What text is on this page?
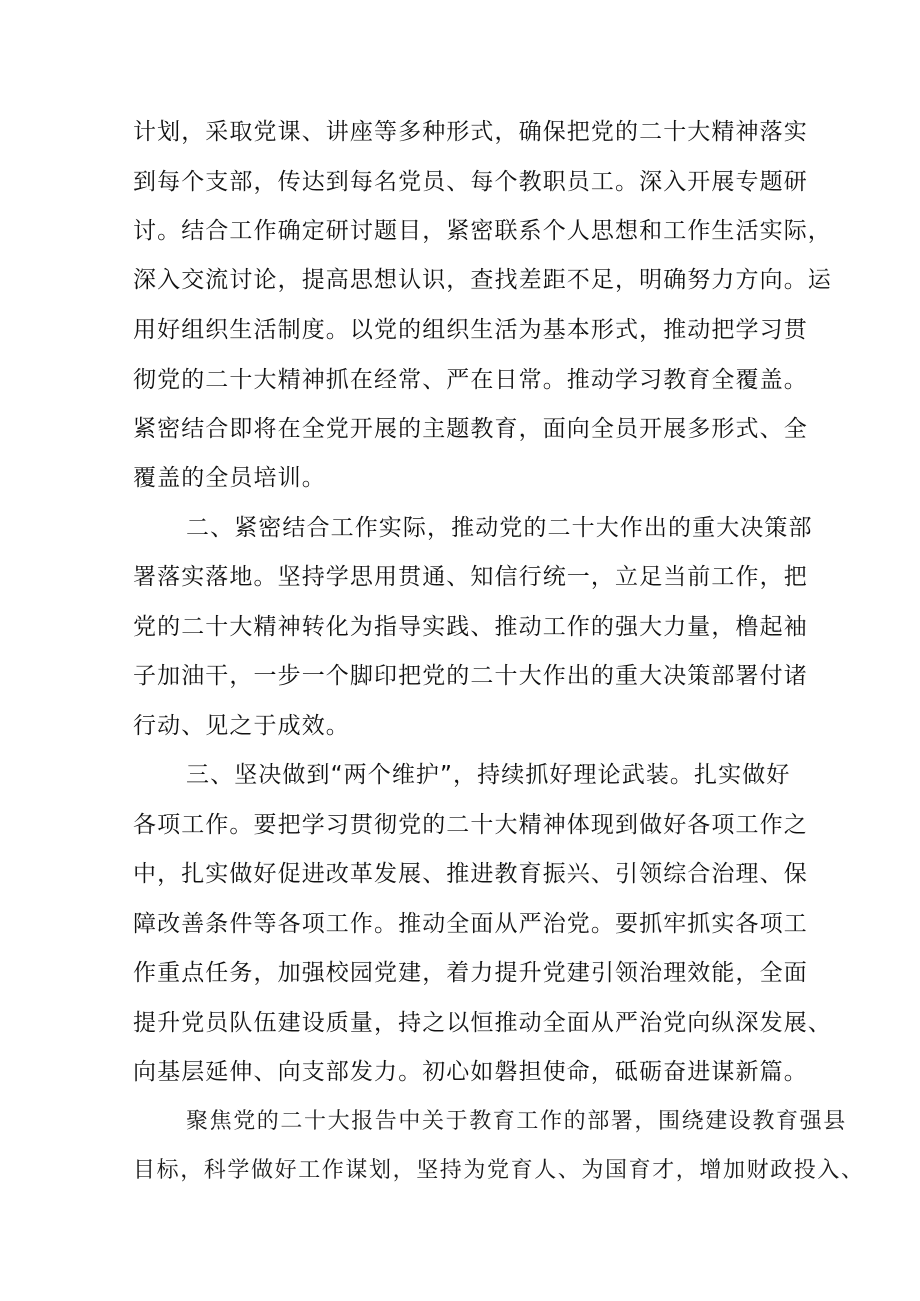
计划，采取党课、讲座等多种形式，确保把党的二十大精神落实

到每个支部，传达到每名党员、每个教职员工。深入开展专题研

讨。结合工作确定研讨题目，紧密联系个人思想和工作生活实际，

深入交流讨论，提高思想认识，查找差距不足，明确努力方向。运

用好组织生活制度。以党的组织生活为基本形式，推动把学习贯

彻党的二十大精神抓在经常、严在日常。推动学习教育全覆盖。

紧密结合即将在全党开展的主题教育，面向全员开展多形式、全

覆盖的全员培训。

二、紧密结合工作实际，推动党的二十大作出的重大决策部

署落实落地。坚持学思用贯通、知信行统一，立足当前工作，把

党的二十大精神转化为指导实践、推动工作的强大力量，橹起袖

子加油干，一步一个脚印把党的二十大作出的重大决策部署付诸

行动、见之于成效。

三、坚决做到“两个维护”，持续抓好理论武装。扎实做好

各项工作。要把学习贯彻党的二十大精神体现到做好各项工作之

中，扎实做好促进改革发展、推进教育振兴、引领综合治理、保

障改善条件等各项工作。推动全面从严治党。要抓牢抓实各项工

作重点任务，加强校园党建，着力提升党建引领治理效能，全面

提升党员队伍建设质量，持之以恒推动全面从严治党向纵深发展、

向基层延伸、向支部发力。初心如磐担使命，砥砺奋进谋新篇。

聚焦党的二十大报告中关于教育工作的部署，围绕建设教育强县

目标，科学做好工作谋划，坚持为党育人、为国育才，增加财政投入、
